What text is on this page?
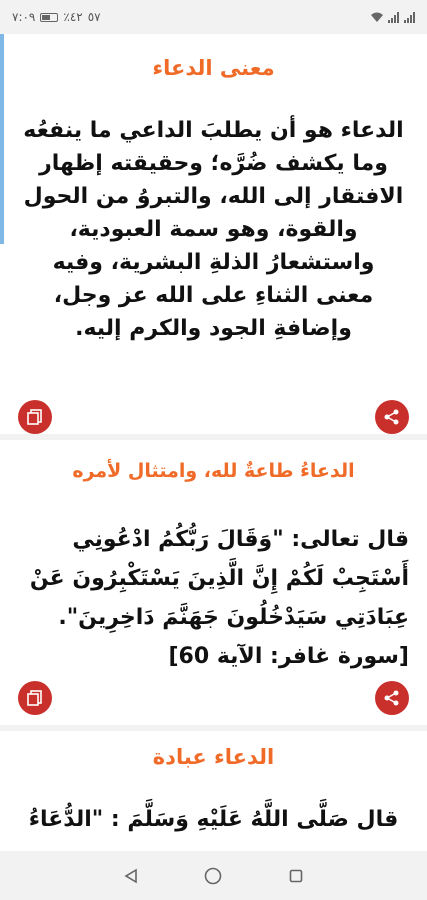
٧:٠٩ ٪٤٢ ٥٧
معنى الدعاء
الدعاء هو أن يطلبَ الداعي ما ينفعُه وما يكشف ضُرَّه؛ وحقيقته إظهار الافتقار إلى الله، والتبروُ من الحول والقوة، وهو سمة العبودية، واستشعارُ الذلةِ البشرية، وفيه معنى الثناءِ على الله عز وجل، وإضافةِ الجود والكرم إليه.
الدعاءُ طاعةٌ لله، وامتثال لأمره
قال تعالى: "وَقَالَ رَبُّكُمُ ادْعُونِي أَسْتَجِبْ لَكُمْ إِنَّ الَّذِينَ يَسْتَكْبِرُونَ عَنْ عِبَادَتِي سَيَدْخُلُونَ جَهَنَّمَ دَاخِرِينَ". [سورة غافر: الآية 60]
الدعاء عبادة
قال صَلَّى اللَّهُ عَلَيْهِ وَسَلَّمَ : "الدُّعَاءُ
